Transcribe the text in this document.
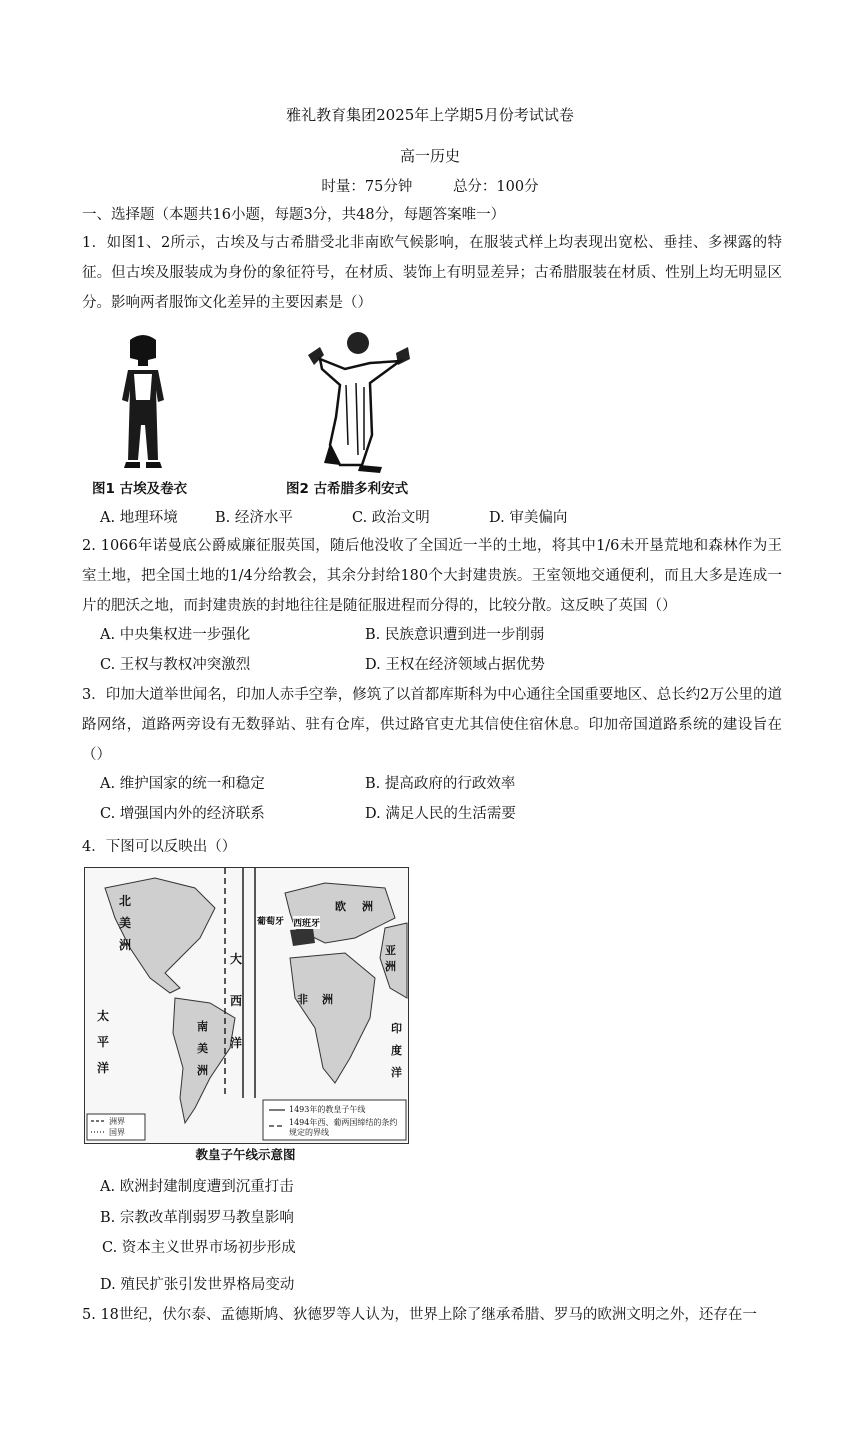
雅礼教育集团2025年上学期5月份考试试卷
高一历史
时量：75分钟	总分：100分
一、选择题（本题共16小题，每题3分，共48分，每题答案唯一）
1．如图1、2所示，古埃及与古希腊受北非南欧气候影响，在服装式样上均表现出宽松、垂挂、多裸露的特征。但古埃及服装成为身份的象征符号，在材质、装饰上有明显差异；古希腊服装在材质、性别上均无明显区分。影响两者服饰文化差异的主要因素是（）
图1 古埃及卷衣	图2 古希腊多利安式
A. 地理环境	B. 经济水平	C. 政治文明	D. 审美偏向
2. 1066年诺曼底公爵威廉征服英国，随后他没收了全国近一半的土地，将其中1/6未开垦荒地和森林作为王室土地，把全国土地的1/4分给教会，其余分封给180个大封建贵族。王室领地交通便利，而且大多是连成一片的肥沃之地，而封建贵族的封地往往是随征服进程而分得的，比较分散。这反映了英国（）
A. 中央集权进一步强化	B. 民族意识遭到进一步削弱
C. 王权与教权冲突激烈	D. 王权在经济领域占据优势
3．印加大道举世闻名，印加人赤手空拳，修筑了以首都库斯科为中心通往全国重要地区、总长约2万公里的道路网络，道路两旁设有无数驿站、驻有仓库，供过路官吏尤其信使住宿休息。印加帝国道路系统的建设旨在（）
A. 维护国家的统一和稳定	B. 提高政府的行政效率
C. 增强国内外的经济联系	D. 满足人民的生活需要
4．下图可以反映出（）
北美洲
太平洋
南美洲
大西洋
欧洲
亚洲
非洲
印度洋
葡萄牙 西班牙
洲界
国界
1493年的教皇子午线
1494年西、葡两国缔结的条约规定的界线
教皇子午线示意图
A. 欧洲封建制度遭到沉重打击
B. 宗教改革削弱罗马教皇影响
C. 资本主义世界市场初步形成
D. 殖民扩张引发世界格局变动
5. 18世纪，伏尔泰、孟德斯鸠、狄德罗等人认为，世界上除了继承希腊、罗马的欧洲文明之外，还存在一
